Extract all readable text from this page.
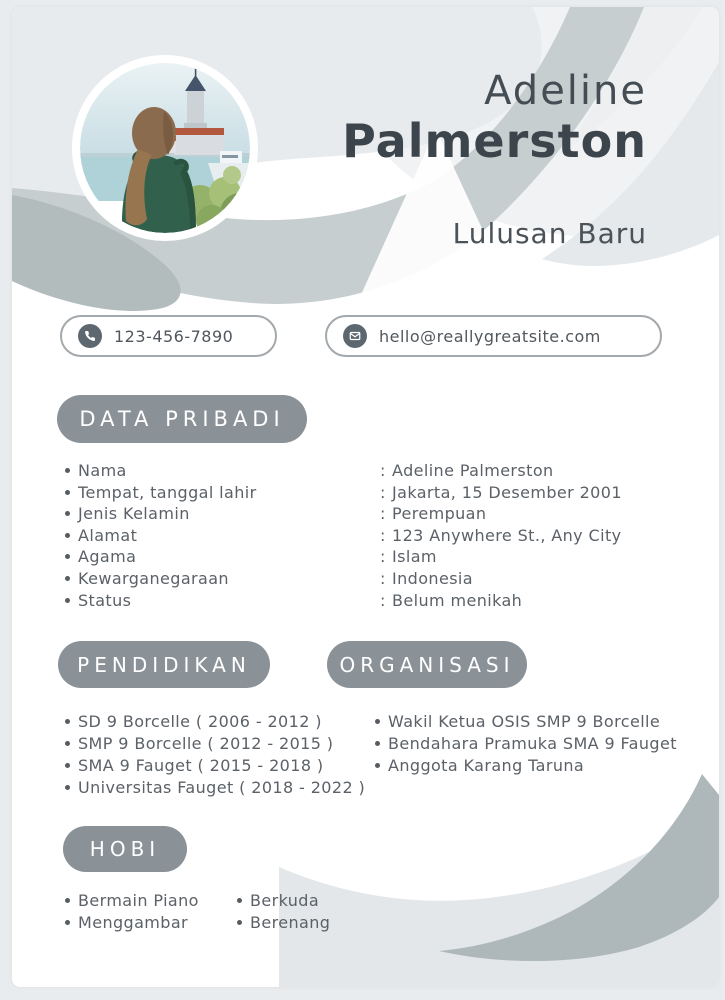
Adeline
Palmerston
Lulusan Baru
123-456-7890	hello@reallygreatsite.com
DATA PRIBADI
Nama	: Adeline Palmerston
Tempat, tanggal lahir	: Jakarta, 15 Desember 2001
Jenis Kelamin	: Perempuan
Alamat	: 123 Anywhere St., Any City
Agama	: Islam
Kewarganegaraan	: Indonesia
Status	: Belum menikah
PENDIDIKAN
SD 9 Borcelle ( 2006 - 2012 )
SMP 9 Borcelle ( 2012 - 2015 )
SMA 9 Fauget ( 2015 - 2018 )
Universitas Fauget ( 2018 - 2022 )
ORGANISASI
Wakil Ketua OSIS SMP 9 Borcelle
Bendahara Pramuka SMA 9 Fauget
Anggota Karang Taruna
HOBI
Bermain Piano
Menggambar
Berkuda
Berenang
